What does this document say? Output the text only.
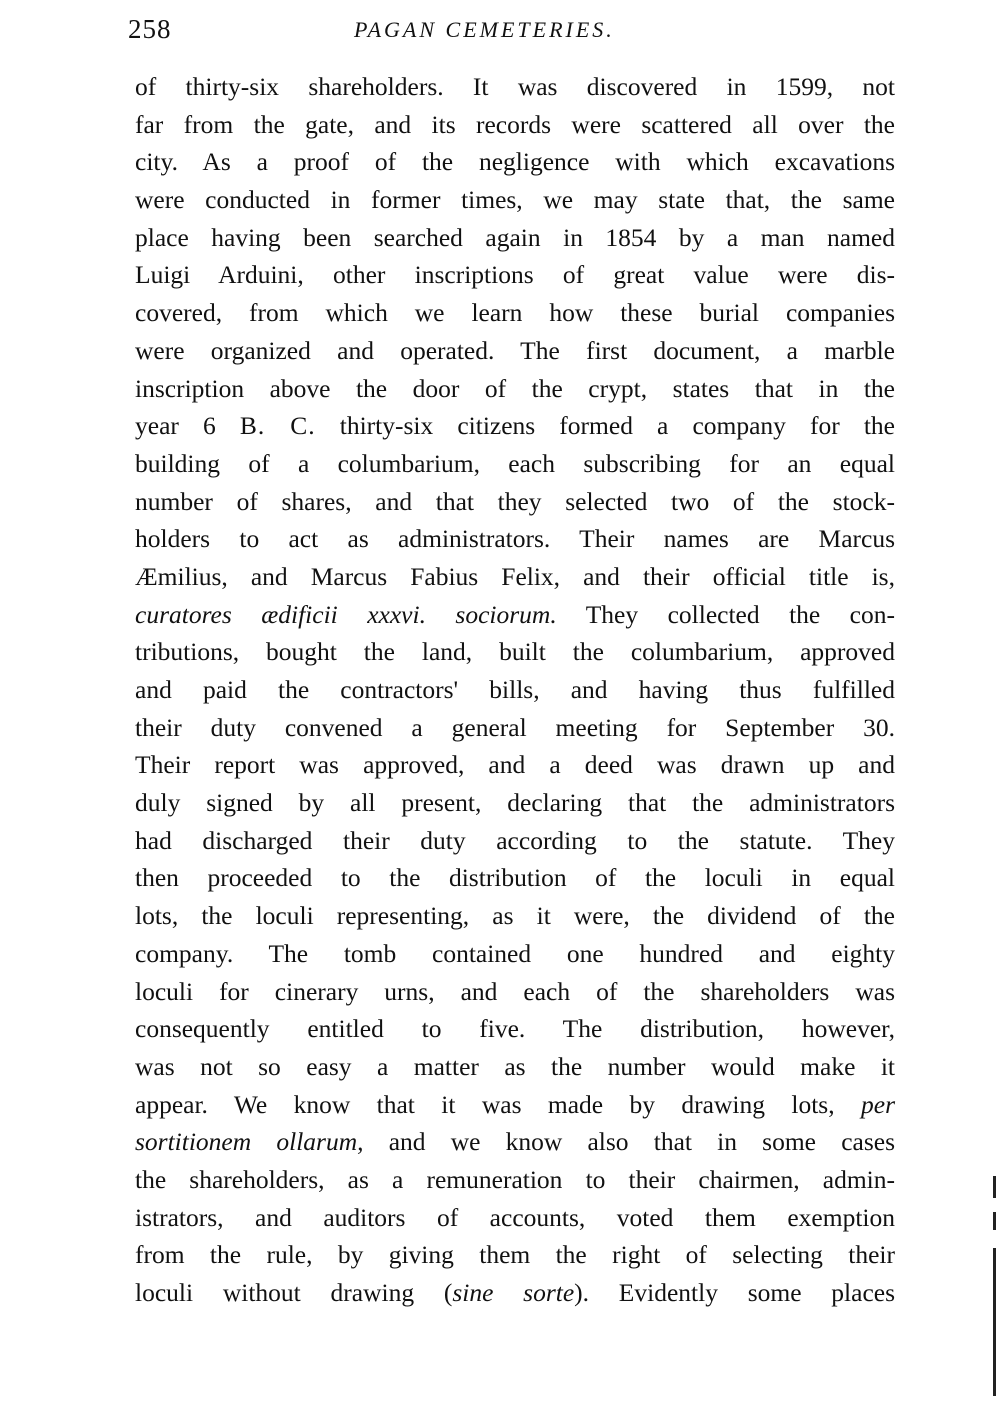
258	PAGAN CEMETERIES.
of thirty-six shareholders. It was discovered in 1599, not
far from the gate, and its records were scattered all over the
city. As a proof of the negligence with which excavations
were conducted in former times, we may state that, the same
place having been searched again in 1854 by a man named
Luigi Arduini, other inscriptions of great value were dis-
covered, from which we learn how these burial companies
were organized and operated. The first document, a marble
inscription above the door of the crypt, states that in the
year 6 B. C. thirty-six citizens formed a company for the
building of a columbarium, each subscribing for an equal
number of shares, and that they selected two of the stock-
holders to act as administrators. Their names are Marcus
Æmilius, and Marcus Fabius Felix, and their official title is,
curatores ædificii xxxvi. sociorum. They collected the con-
tributions, bought the land, built the columbarium, approved
and paid the contractors' bills, and having thus fulfilled
their duty convened a general meeting for September 30.
Their report was approved, and a deed was drawn up and
duly signed by all present, declaring that the administrators
had discharged their duty according to the statute. They
then proceeded to the distribution of the loculi in equal
lots, the loculi representing, as it were, the dividend of the
company. The tomb contained one hundred and eighty
loculi for cinerary urns, and each of the shareholders was
consequently entitled to five. The distribution, however,
was not so easy a matter as the number would make it
appear. We know that it was made by drawing lots, per
sortitionem ollarum, and we know also that in some cases
the shareholders, as a remuneration to their chairmen, admin-
istrators, and auditors of accounts, voted them exemption
from the rule, by giving them the right of selecting their
loculi without drawing (sine sorte). Evidently some places
